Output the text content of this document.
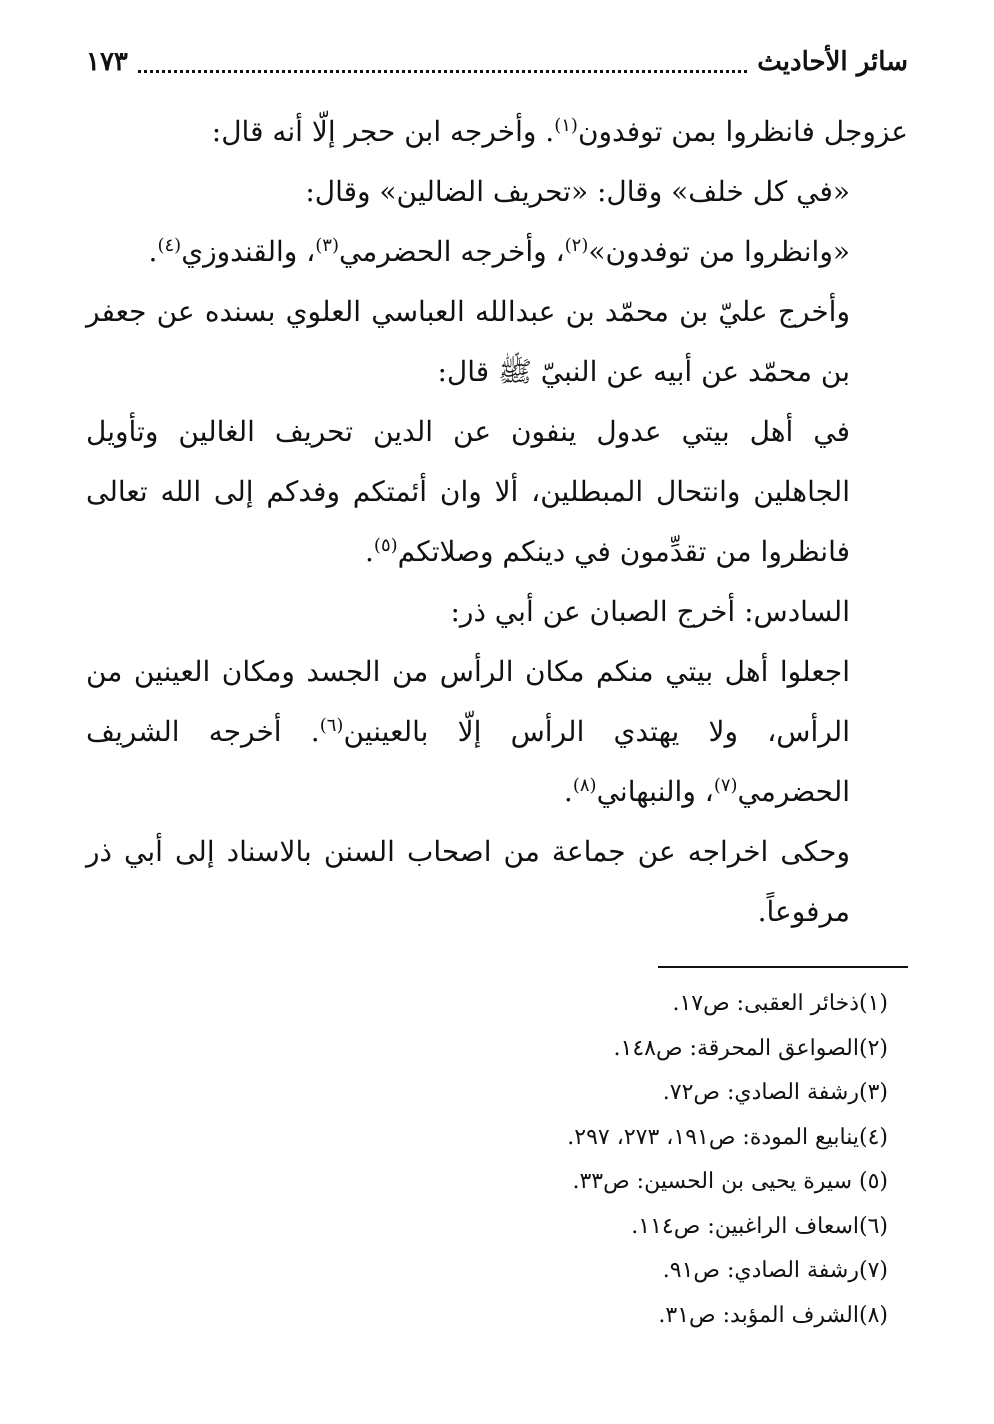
سائر الأحاديث
١٧٣

عزوجل فانظروا بمن توفدون$^{(١)}$. وأخرجه ابن حجر إلّا أنه قال:

«في كل خلف» وقال: «تحريف الضالين» وقال:

«وانظروا من توفدون»$^{(٢)}$، وأخرجه الحضرمي$^{(٣)}$، والقندوزي$^{(٤)}$.

وأخرج عليّ بن محمّد بن عبدالله العباسي العلوي بسنده عن جعفر بن محمّد عن أبيه عن النبيّ ﷺ قال:

في أهل بيتي عدول ينفون عن الدين تحريف الغالين وتأويل الجاهلين وانتحال المبطلين، ألا وان أئمتكم وفدكم إلى الله تعالى فانظروا من تقدِّمون في دينكم وصلاتكم$^{(٥)}$.

السادس: أخرج الصبان عن أبي ذر:

اجعلوا أهل بيتي منكم مكان الرأس من الجسد ومكان العينين من الرأس، ولا يهتدي الرأس إلّا بالعينين$^{(٦)}$. أخرجه الشريف الحضرمي$^{(٧)}$، والنبهاني$^{(٨)}$.

وحكى اخراجه عن جماعة من اصحاب السنن بالاسناد إلى أبي ذر مرفوعاً.

(١)ذخائر العقبى: ص١٧.
(٢)الصواعق المحرقة: ص١٤٨.
(٣)رشفة الصادي: ص٧٢.
(٤)ينابيع المودة: ص١٩١، ٢٧٣، ٢٩٧.
(٥) سيرة يحيى بن الحسين: ص٣٣.
(٦)اسعاف الراغبين: ص١١٤.
(٧)رشفة الصادي: ص٩١.
(٨)الشرف المؤبد: ص٣١.
